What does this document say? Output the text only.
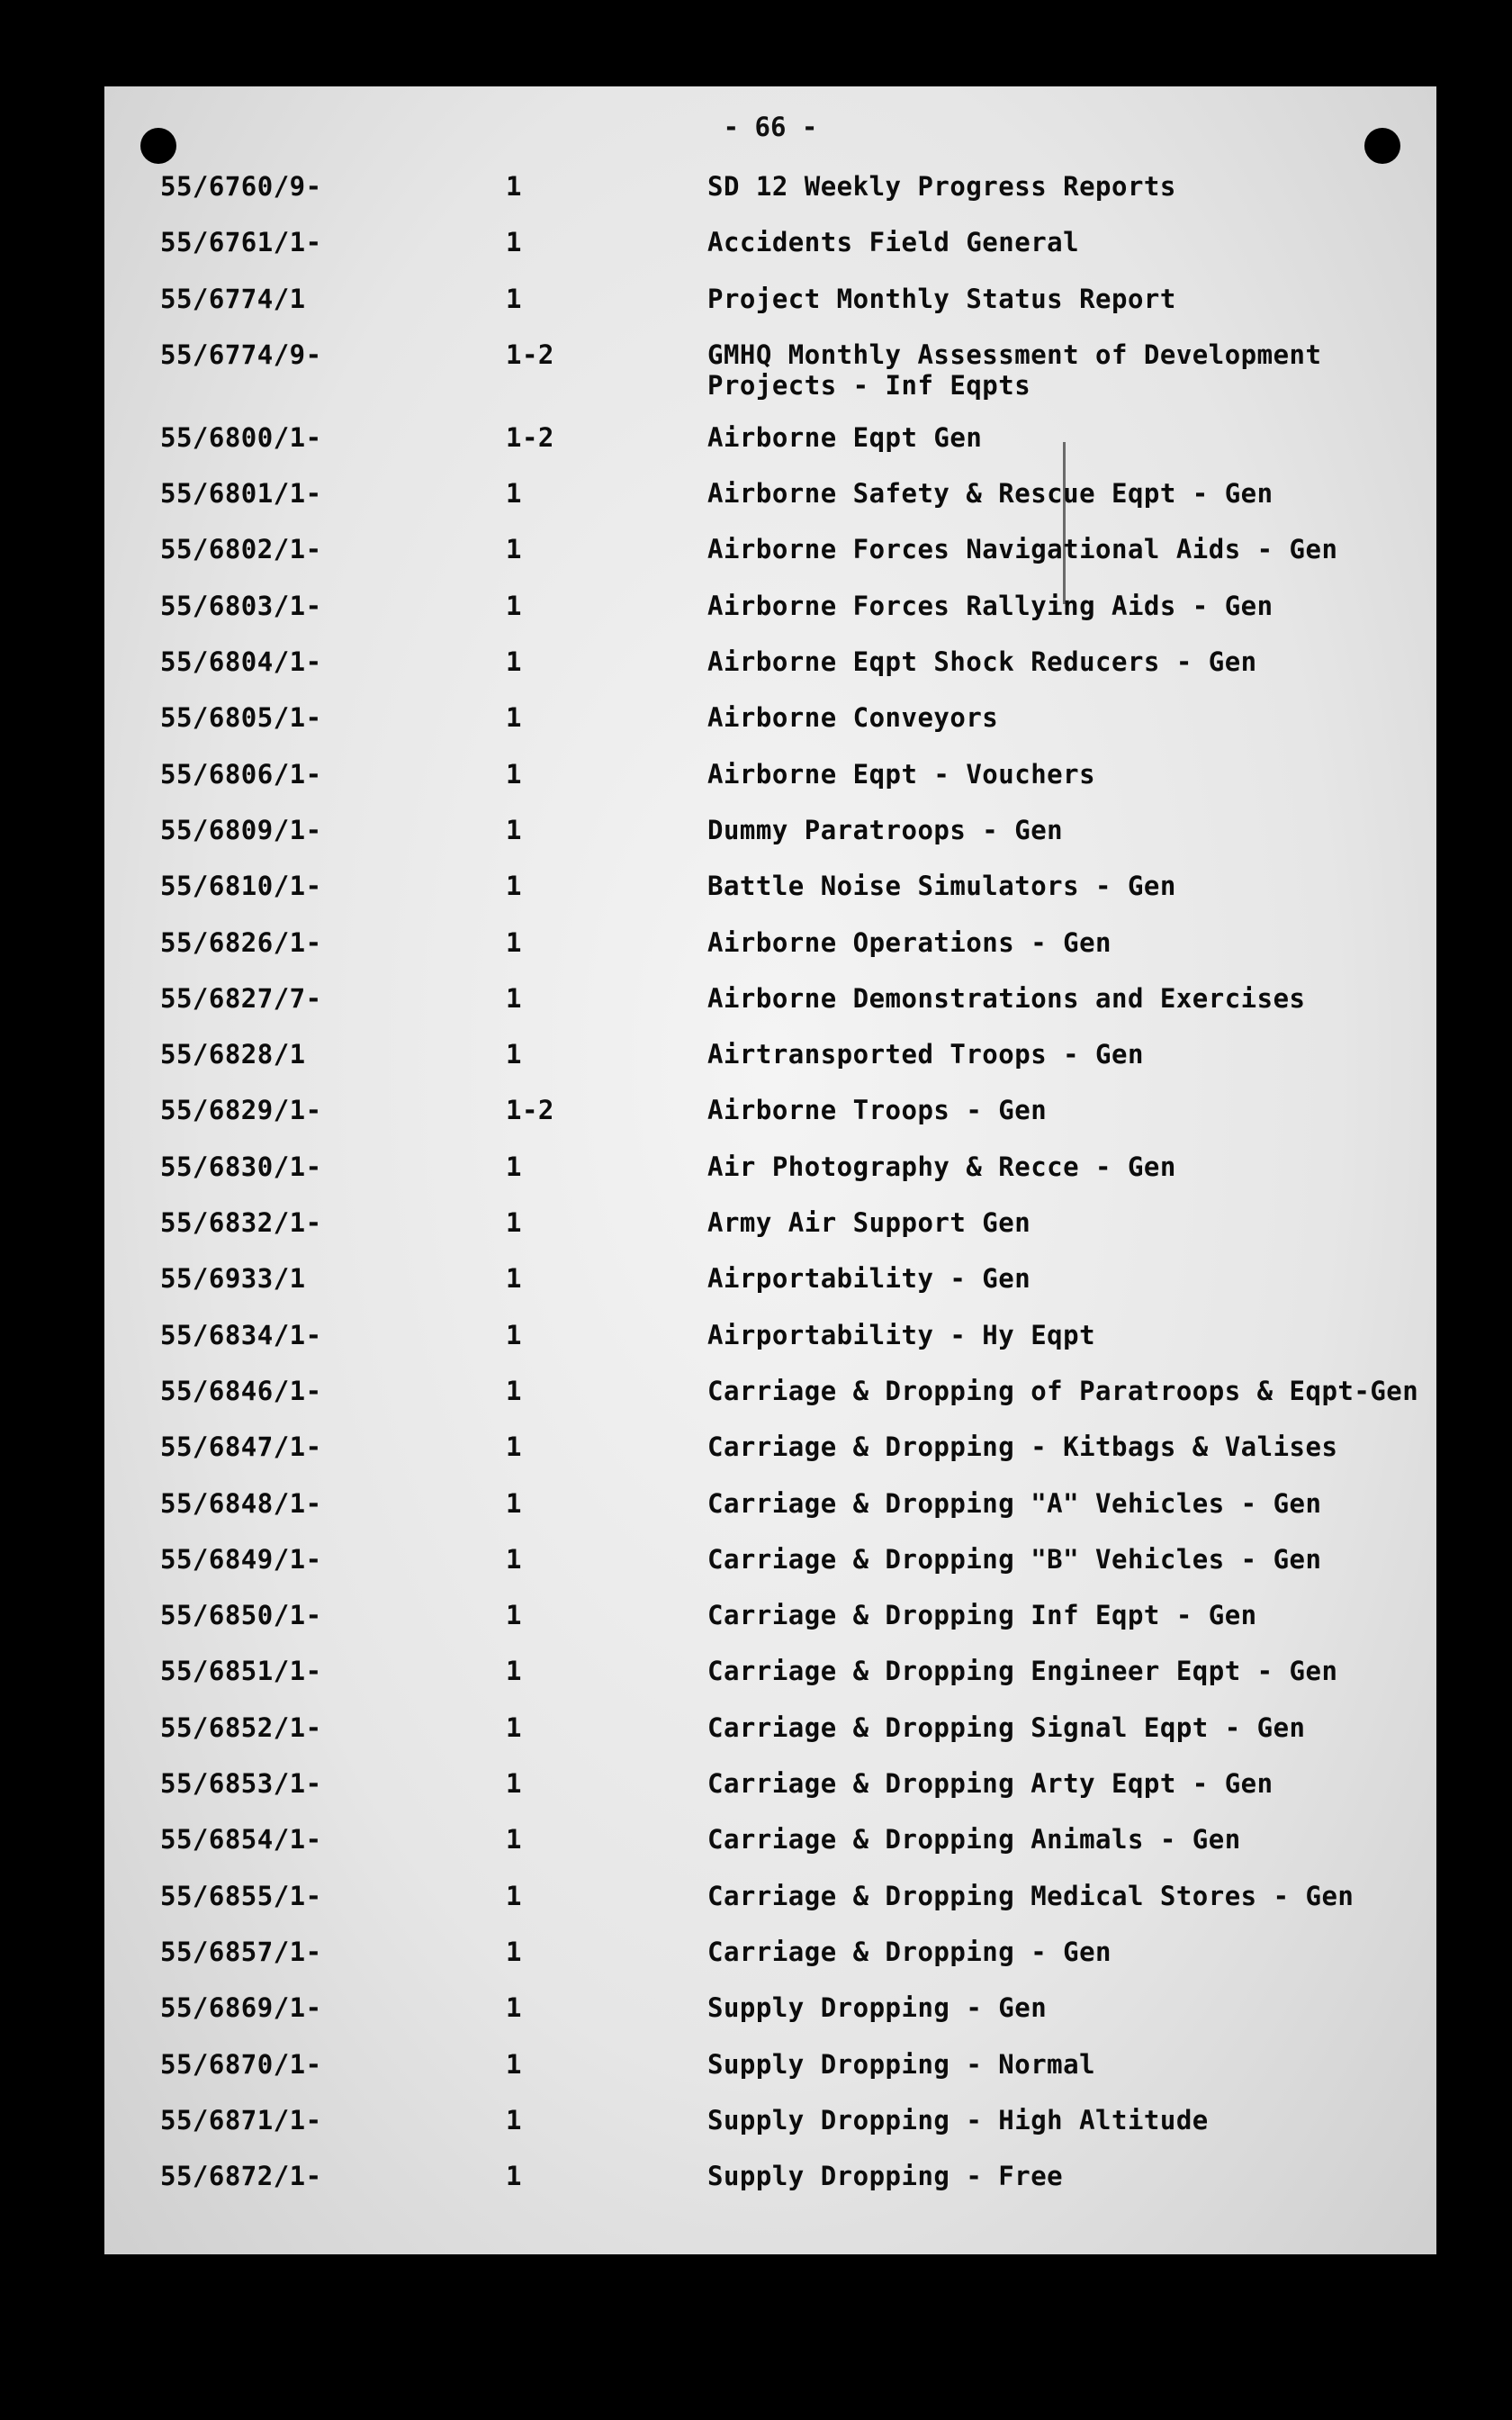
- 66 -
55/6760/9-	1	SD 12 Weekly Progress Reports
55/6761/1-	1	Accidents Field General
55/6774/1	1	Project Monthly Status Report
55/6774/9-	1-2	GMHQ Monthly Assessment of Development Projects - Inf Eqpts
55/6800/1-	1-2	Airborne Eqpt Gen
55/6801/1-	1	Airborne Safety & Rescue Eqpt - Gen
55/6802/1-	1	Airborne Forces Navigational Aids - Gen
55/6803/1-	1	Airborne Forces Rallying Aids - Gen
55/6804/1-	1	Airborne Eqpt Shock Reducers - Gen
55/6805/1-	1	Airborne Conveyors
55/6806/1-	1	Airborne Eqpt - Vouchers
55/6809/1-	1	Dummy Paratroops - Gen
55/6810/1-	1	Battle Noise Simulators - Gen
55/6826/1-	1	Airborne Operations - Gen
55/6827/7-	1	Airborne Demonstrations and Exercises
55/6828/1	1	Airtransported Troops - Gen
55/6829/1-	1-2	Airborne Troops - Gen
55/6830/1-	1	Air Photography & Recce - Gen
55/6832/1-	1	Army Air Support Gen
55/6933/1	1	Airportability - Gen
55/6834/1-	1	Airportability - Hy Eqpt
55/6846/1-	1	Carriage & Dropping of Paratroops & Eqpt-Gen
55/6847/1-	1	Carriage & Dropping - Kitbags & Valises
55/6848/1-	1	Carriage & Dropping "A" Vehicles - Gen
55/6849/1-	1	Carriage & Dropping "B" Vehicles - Gen
55/6850/1-	1	Carriage & Dropping Inf Eqpt - Gen
55/6851/1-	1	Carriage & Dropping Engineer Eqpt - Gen
55/6852/1-	1	Carriage & Dropping Signal Eqpt - Gen
55/6853/1-	1	Carriage & Dropping Arty Eqpt - Gen
55/6854/1-	1	Carriage & Dropping Animals - Gen
55/6855/1-	1	Carriage & Dropping Medical Stores - Gen
55/6857/1-	1	Carriage & Dropping - Gen
55/6869/1-	1	Supply Dropping - Gen
55/6870/1-	1	Supply Dropping - Normal
55/6871/1-	1	Supply Dropping - High Altitude
55/6872/1-	1	Supply Dropping - Free
